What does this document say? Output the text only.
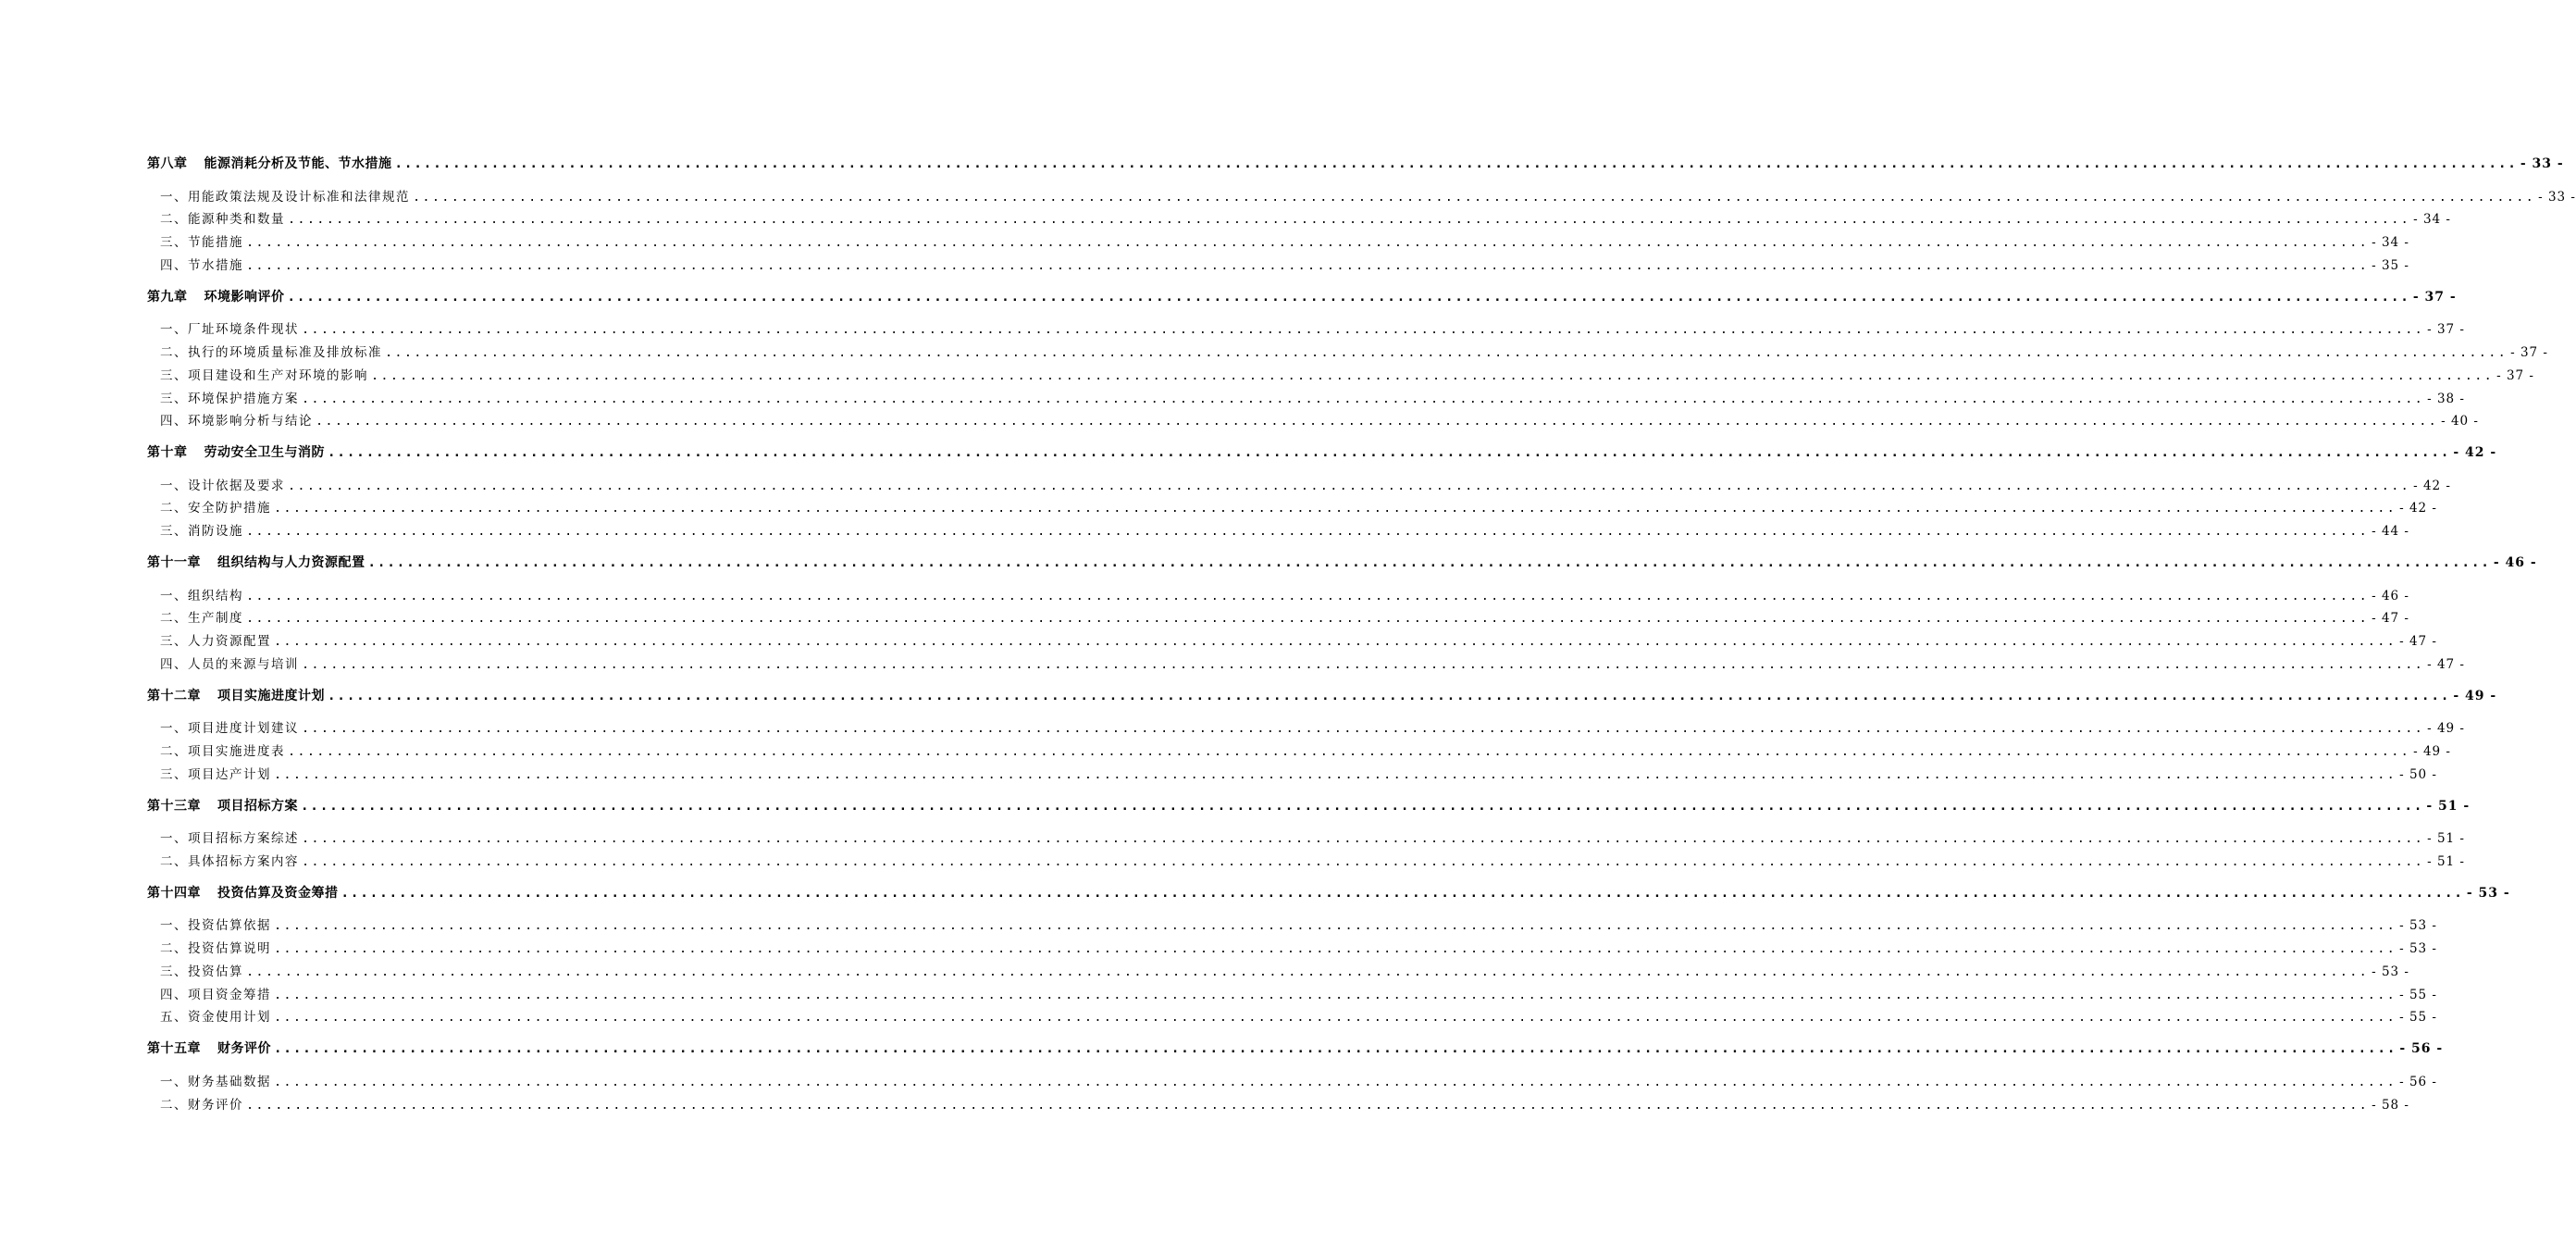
第八章 能源消耗分析及节能、节水措施 ............................................................................................................................................................................................................................ - 33 -
一、用能政策法规及设计标准和法律规范 ............................................................................................................................................................................................................................ - 33 -
二、能源种类和数量 ............................................................................................................................................................................................................................ - 34 -
三、节能措施 ............................................................................................................................................................................................................................ - 34 -
四、节水措施 ............................................................................................................................................................................................................................ - 35 -
第九章 环境影响评价 ............................................................................................................................................................................................................................ - 37 -
一、厂址环境条件现状 ............................................................................................................................................................................................................................ - 37 -
二、执行的环境质量标准及排放标准 ............................................................................................................................................................................................................................ - 37 -
三、项目建设和生产对环境的影响 ............................................................................................................................................................................................................................ - 37 -
三、环境保护措施方案 ............................................................................................................................................................................................................................ - 38 -
四、环境影响分析与结论 ............................................................................................................................................................................................................................ - 40 -
第十章 劳动安全卫生与消防 ............................................................................................................................................................................................................................ - 42 -
一、设计依据及要求 ............................................................................................................................................................................................................................ - 42 -
二、安全防护措施 ............................................................................................................................................................................................................................ - 42 -
三、消防设施 ............................................................................................................................................................................................................................ - 44 -
第十一章 组织结构与人力资源配置 ............................................................................................................................................................................................................................ - 46 -
一、组织结构 ............................................................................................................................................................................................................................ - 46 -
二、生产制度 ............................................................................................................................................................................................................................ - 47 -
三、人力资源配置 ............................................................................................................................................................................................................................ - 47 -
四、人员的来源与培训 ............................................................................................................................................................................................................................ - 47 -
第十二章 项目实施进度计划 ............................................................................................................................................................................................................................ - 49 -
一、项目进度计划建议 ............................................................................................................................................................................................................................ - 49 -
二、项目实施进度表 ............................................................................................................................................................................................................................ - 49 -
三、项目达产计划 ............................................................................................................................................................................................................................ - 50 -
第十三章 项目招标方案 ............................................................................................................................................................................................................................ - 51 -
一、项目招标方案综述 ............................................................................................................................................................................................................................ - 51 -
二、具体招标方案内容 ............................................................................................................................................................................................................................ - 51 -
第十四章 投资估算及资金筹措 ............................................................................................................................................................................................................................ - 53 -
一、投资估算依据 ............................................................................................................................................................................................................................ - 53 -
二、投资估算说明 ............................................................................................................................................................................................................................ - 53 -
三、投资估算 ............................................................................................................................................................................................................................ - 53 -
四、项目资金筹措 ............................................................................................................................................................................................................................ - 55 -
五、资金使用计划 ............................................................................................................................................................................................................................ - 55 -
第十五章 财务评价 ............................................................................................................................................................................................................................ - 56 -
一、财务基础数据 ............................................................................................................................................................................................................................ - 56 -
二、财务评价 ............................................................................................................................................................................................................................ - 58 -
